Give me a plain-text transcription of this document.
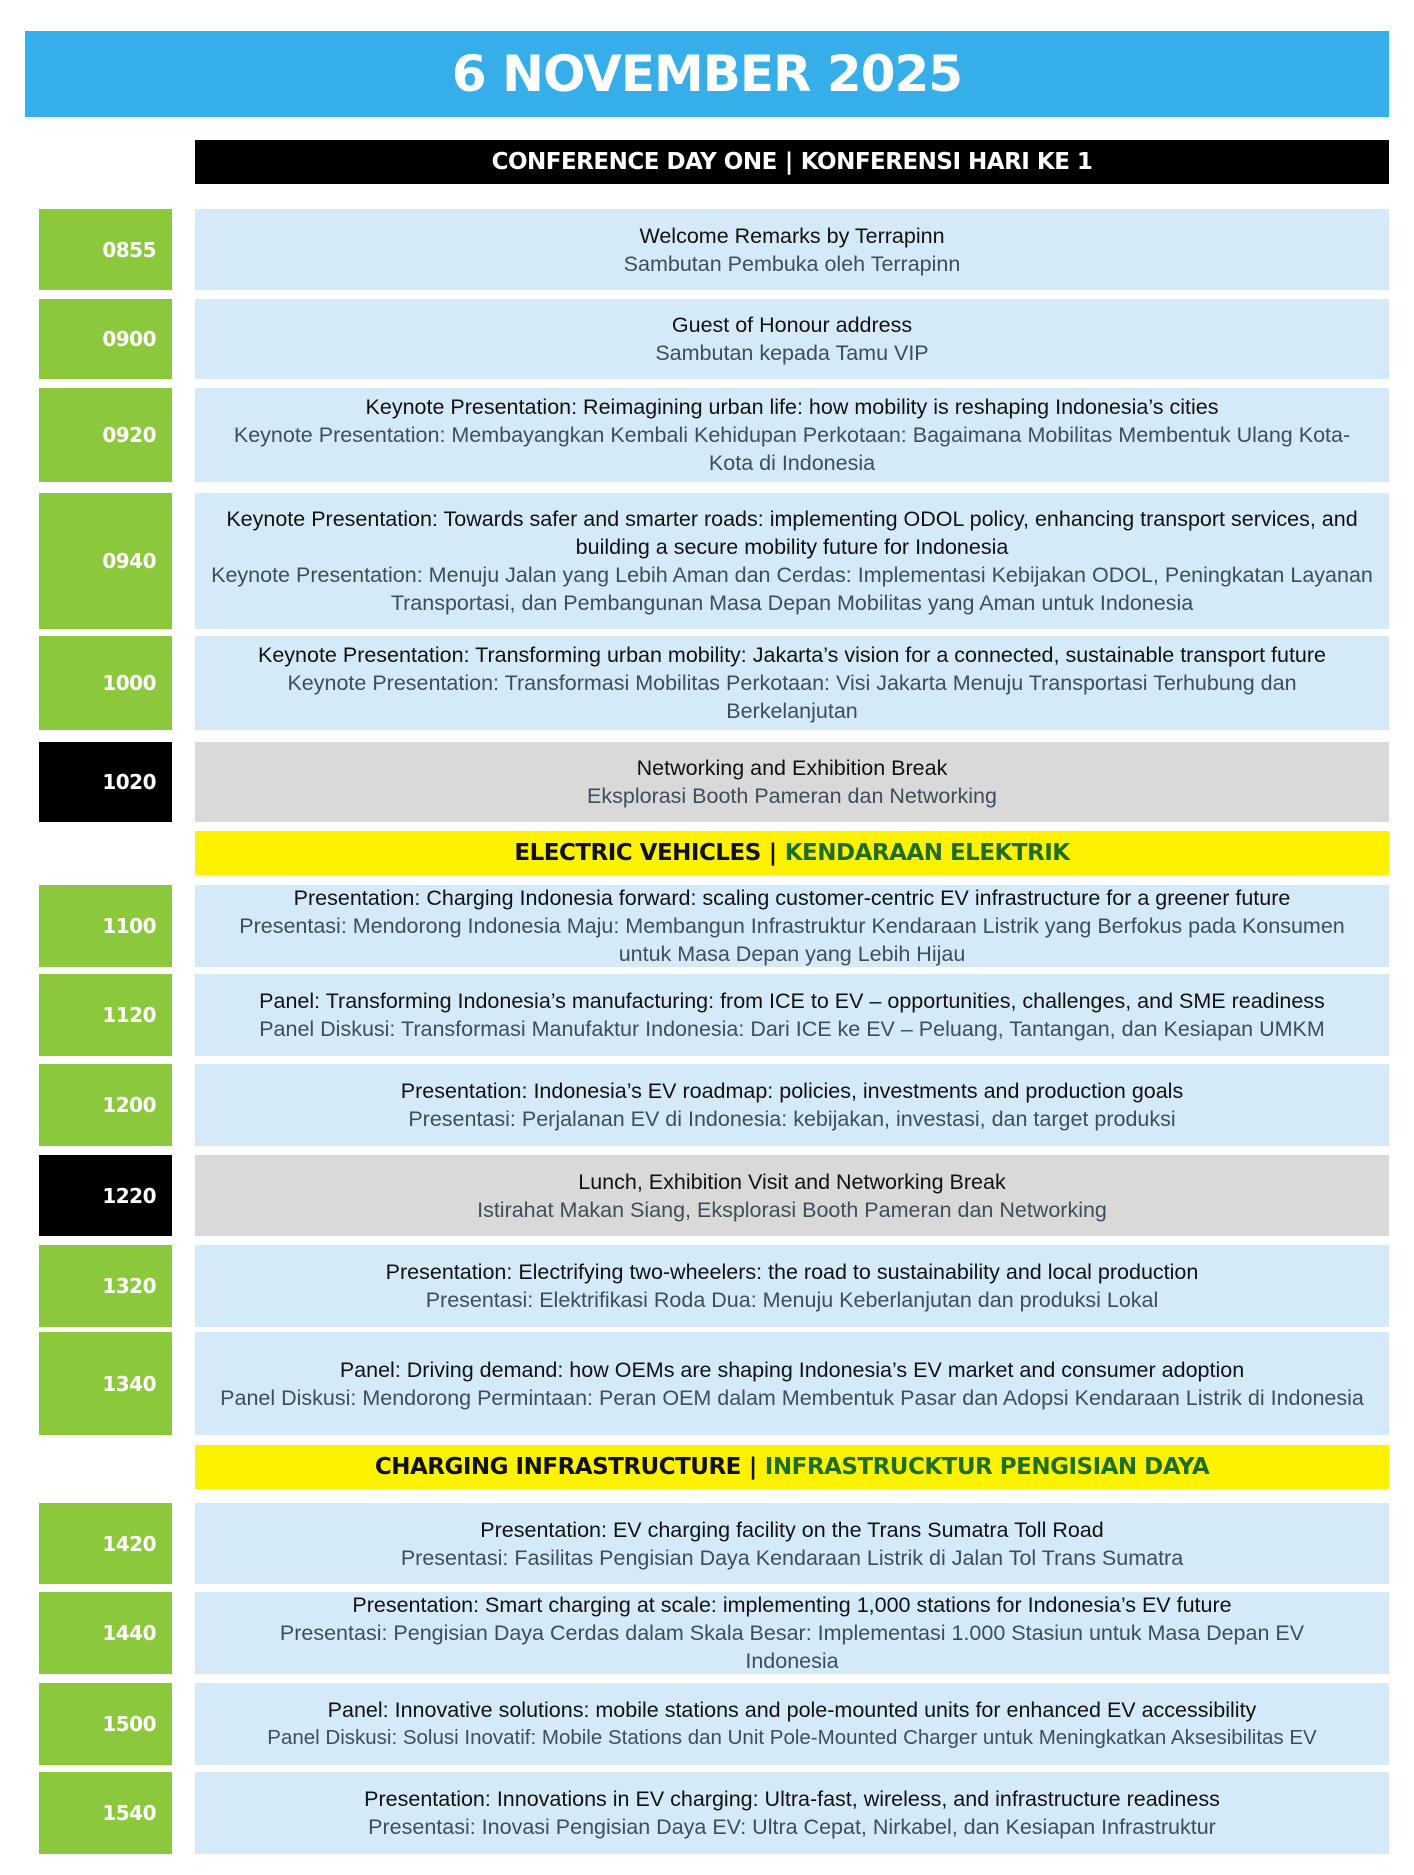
6 NOVEMBER 2025
CONFERENCE DAY ONE | KONFERENSI HARI KE 1
0855
Welcome Remarks by Terrapinn
Sambutan Pembuka oleh Terrapinn
0900
Guest of Honour address
Sambutan kepada Tamu VIP
0920
Keynote Presentation: Reimagining urban life: how mobility is reshaping Indonesia’s cities
Keynote Presentation: Membayangkan Kembali Kehidupan Perkotaan: Bagaimana Mobilitas Membentuk Ulang Kota-Kota di Indonesia
0940
Keynote Presentation: Towards safer and smarter roads: implementing ODOL policy, enhancing transport services, and building a secure mobility future for Indonesia
Keynote Presentation: Menuju Jalan yang Lebih Aman dan Cerdas: Implementasi Kebijakan ODOL, Peningkatan Layanan Transportasi, dan Pembangunan Masa Depan Mobilitas yang Aman untuk Indonesia
1000
Keynote Presentation: Transforming urban mobility: Jakarta’s vision for a connected, sustainable transport future
Keynote Presentation: Transformasi Mobilitas Perkotaan: Visi Jakarta Menuju Transportasi Terhubung dan Berkelanjutan
1020
Networking and Exhibition Break
Eksplorasi Booth Pameran dan Networking
ELECTRIC VEHICLES | KENDARAAN ELEKTRIK
1100
Presentation: Charging Indonesia forward: scaling customer-centric EV infrastructure for a greener future
Presentasi: Mendorong Indonesia Maju: Membangun Infrastruktur Kendaraan Listrik yang Berfokus pada Konsumen untuk Masa Depan yang Lebih Hijau
1120
Panel: Transforming Indonesia’s manufacturing: from ICE to EV – opportunities, challenges, and SME readiness
Panel Diskusi: Transformasi Manufaktur Indonesia: Dari ICE ke EV – Peluang, Tantangan, dan Kesiapan UMKM
1200
Presentation: Indonesia’s EV roadmap: policies, investments and production goals
Presentasi: Perjalanan EV di Indonesia: kebijakan, investasi, dan target produksi
1220
Lunch, Exhibition Visit and Networking Break
Istirahat Makan Siang, Eksplorasi Booth Pameran dan Networking
1320
Presentation: Electrifying two-wheelers: the road to sustainability and local production
Presentasi: Elektrifikasi Roda Dua: Menuju Keberlanjutan dan produksi Lokal
1340
Panel: Driving demand: how OEMs are shaping Indonesia’s EV market and consumer adoption
Panel Diskusi: Mendorong Permintaan: Peran OEM dalam Membentuk Pasar dan Adopsi Kendaraan Listrik di Indonesia
CHARGING INFRASTRUCTURE | INFRASTRUCKTUR PENGISIAN DAYA
1420
Presentation: EV charging facility on the Trans Sumatra Toll Road
Presentasi: Fasilitas Pengisian Daya Kendaraan Listrik di Jalan Tol Trans Sumatra
1440
Presentation: Smart charging at scale: implementing 1,000 stations for Indonesia’s EV future
Presentasi: Pengisian Daya Cerdas dalam Skala Besar: Implementasi 1.000 Stasiun untuk Masa Depan EV Indonesia
1500
Panel: Innovative solutions: mobile stations and pole-mounted units for enhanced EV accessibility
Panel Diskusi: Solusi Inovatif: Mobile Stations dan Unit Pole-Mounted Charger untuk Meningkatkan Aksesibilitas EV
1540
Presentation: Innovations in EV charging: Ultra-fast, wireless, and infrastructure readiness
Presentasi: Inovasi Pengisian Daya EV: Ultra Cepat, Nirkabel, dan Kesiapan Infrastruktur
